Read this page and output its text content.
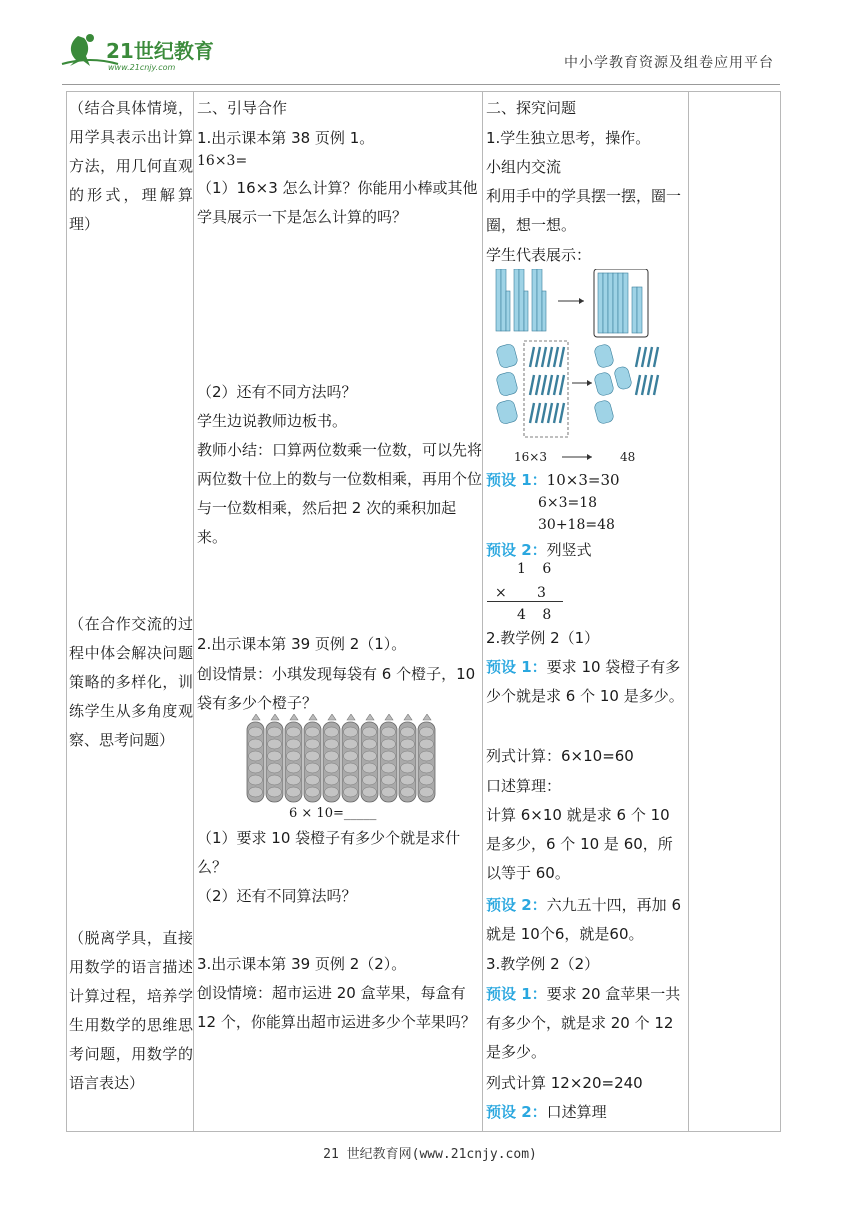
21世纪教育
www.21cnjy.com	中小学教育资源及组卷应用平台
（结合具体情境，用学具表示出计算方法，用几何直观的形式，理解算理）
（在合作交流的过程中体会解决问题策略的多样化，训练学生从多角度观察、思考问题）
（脱离学具，直接用数学的语言描述计算过程，培养学生用数学的思维思考问题，用数学的语言表达）
二、引导合作
1.出示课本第 38 页例 1。
16×3=
（1）16×3 怎么计算？你能用小棒或其他学具展示一下是怎么计算的吗？
（2）还有不同方法吗？
学生边说教师边板书。
教师小结：口算两位数乘一位数，可以先将两位数十位上的数与一位数相乘，再用个位与一位数相乘，然后把 2 次的乘积加起来。
2.出示课本第 39 页例 2（1）。
创设情景：小琪发现每袋有 6 个橙子，10 袋有多少个橙子？
6 × 10=_____
（1）要求 10 袋橙子有多少个就是求什么？
（2）还有不同算法吗？
3.出示课本第 39 页例 2（2）。
创设情境：超市运进 20 盒苹果，每盒有 12 个，你能算出超市运进多少个苹果吗？
二、探究问题
1.学生独立思考，操作。
小组内交流
利用手中的学具摆一摆，圈一圈，想一想。
学生代表展示：
16×3	48
预设 1：10×3=30
6×3=18
30+18=48
预设 2：列竖式
1 6
×	3
4 8
2.教学例 2（1）
预设 1：要求 10 袋橙子有多少个就是求 6 个 10 是多少。
列式计算：6×10=60
口述算理：
计算 6×10 就是求 6 个 10 是多少，6 个 10 是 60，所以等于 60。
预设 2：六九五十四，再加 6就是 10个6，就是60。
3.教学例 2（2）
预设 1：要求 20 盒苹果一共有多少个，就是求 20 个 12 是多少。
列式计算 12×20=240
预设 2：口述算理
21 世纪教育网(www.21cnjy.com)
